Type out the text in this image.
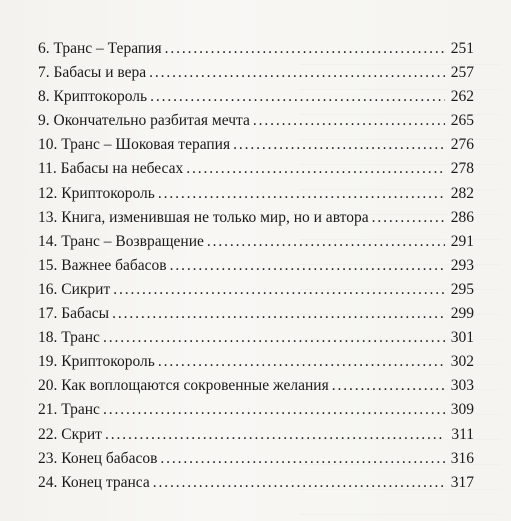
6. Транс – Терапия . . .	251
7. Бабасы и вера . . .	257
8. Криптокороль . . .	262
9. Окончательно разбитая мечта . . .	265
10. Транс – Шоковая терапия . . .	276
11. Бабасы на небесах . . .	278
12. Криптокороль . . .	282
13. Книга, изменившая не только мир, но и автора . . .	286
14. Транс – Возвращение . . .	291
15. Важнее бабасов . . .	293
16. Сикрит . . .	295
17. Бабасы . . .	299
18. Транс . . .	301
19. Криптокороль . . .	302
20. Как воплощаются сокровенные желания . . .	303
21. Транс . . .	309
22. Скрит . . .	311
23. Конец бабасов . . .	316
24. Конец транса . . .	317
